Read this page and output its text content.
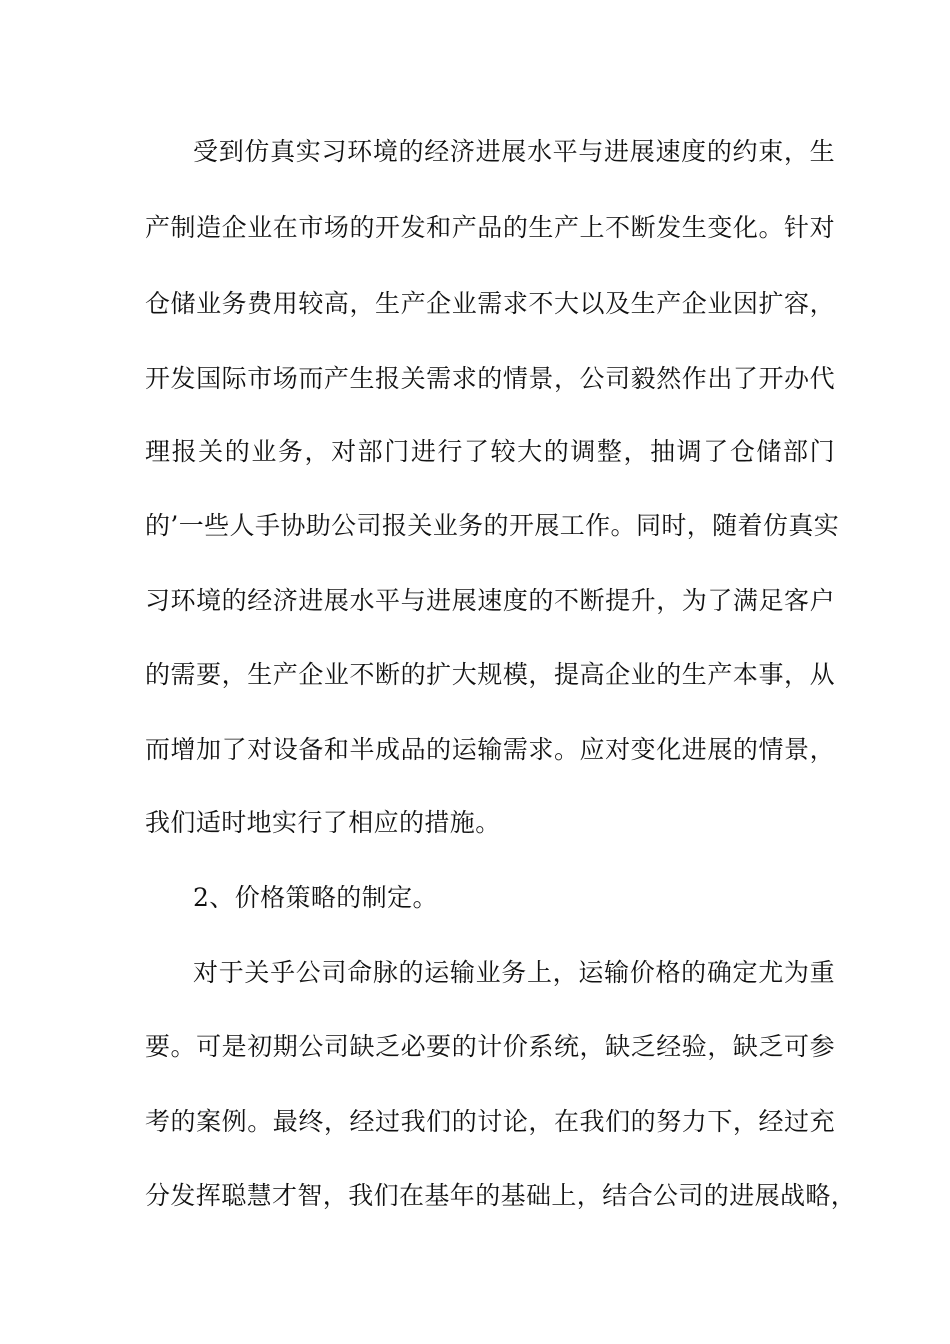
受到仿真实习环境的经济进展水平与进展速度的约束，生
产制造企业在市场的开发和产品的生产上不断发生变化。针对
仓储业务费用较高，生产企业需求不大以及生产企业因扩容，
开发国际市场而产生报关需求的情景，公司毅然作出了开办代
理报关的业务，对部门进行了较大的调整，抽调了仓储部门
的’一些人手协助公司报关业务的开展工作。同时，随着仿真实
习环境的经济进展水平与进展速度的不断提升，为了满足客户
的需要，生产企业不断的扩大规模，提高企业的生产本事，从
而增加了对设备和半成品的运输需求。应对变化进展的情景，
我们适时地实行了相应的措施。
2、价格策略的制定。
对于关乎公司命脉的运输业务上，运输价格的确定尤为重
要。可是初期公司缺乏必要的计价系统，缺乏经验，缺乏可参
考的案例。最终，经过我们的讨论，在我们的努力下，经过充
分发挥聪慧才智，我们在基年的基础上，结合公司的进展战略，
